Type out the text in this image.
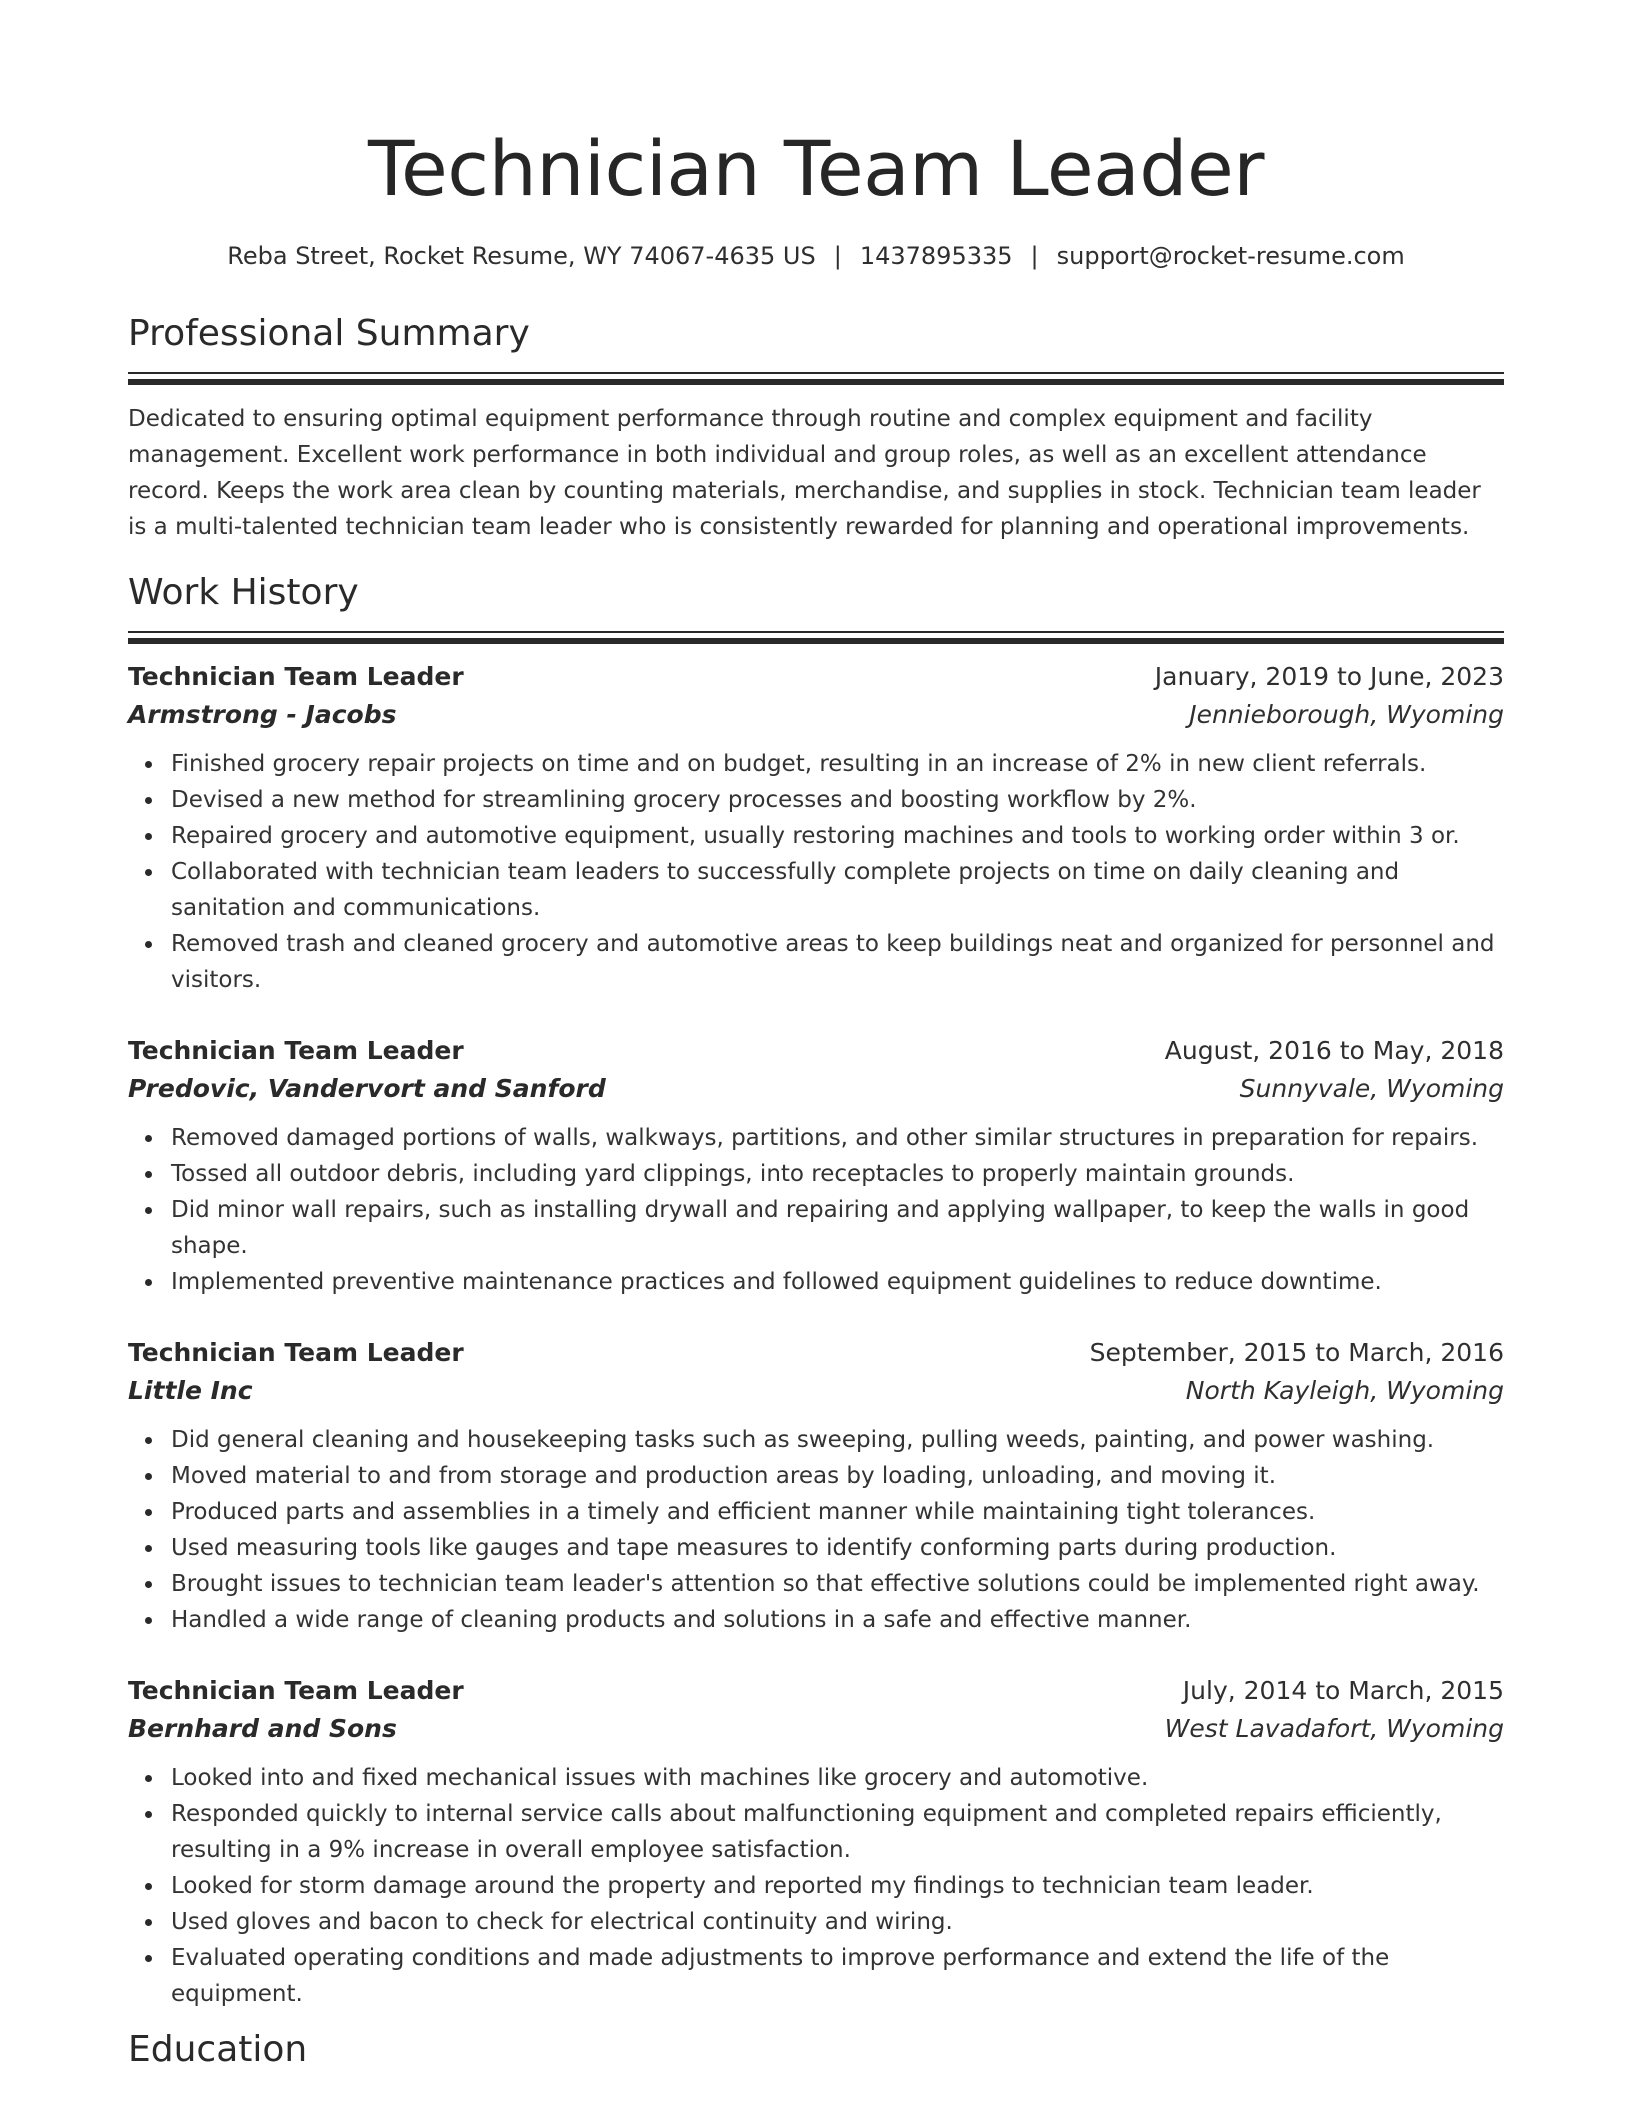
Technician Team Leader
Reba Street, Rocket Resume, WY 74067-4635 US | 1437895335 | support@rocket-resume.com
Professional Summary
Dedicated to ensuring optimal equipment performance through routine and complex equipment and facility management. Excellent work performance in both individual and group roles, as well as an excellent attendance record. Keeps the work area clean by counting materials, merchandise, and supplies in stock. Technician team leader is a multi-talented technician team leader who is consistently rewarded for planning and operational improvements.
Work History
Technician Team Leader	January, 2019 to June, 2023
Armstrong - Jacobs	Jennieborough, Wyoming
Finished grocery repair projects on time and on budget, resulting in an increase of 2% in new client referrals.
Devised a new method for streamlining grocery processes and boosting workflow by 2%.
Repaired grocery and automotive equipment, usually restoring machines and tools to working order within 3 or.
Collaborated with technician team leaders to successfully complete projects on time on daily cleaning and sanitation and communications.
Removed trash and cleaned grocery and automotive areas to keep buildings neat and organized for personnel and visitors.
Technician Team Leader	August, 2016 to May, 2018
Predovic, Vandervort and Sanford	Sunnyvale, Wyoming
Removed damaged portions of walls, walkways, partitions, and other similar structures in preparation for repairs.
Tossed all outdoor debris, including yard clippings, into receptacles to properly maintain grounds.
Did minor wall repairs, such as installing drywall and repairing and applying wallpaper, to keep the walls in good shape.
Implemented preventive maintenance practices and followed equipment guidelines to reduce downtime.
Technician Team Leader	September, 2015 to March, 2016
Little Inc	North Kayleigh, Wyoming
Did general cleaning and housekeeping tasks such as sweeping, pulling weeds, painting, and power washing.
Moved material to and from storage and production areas by loading, unloading, and moving it.
Produced parts and assemblies in a timely and efficient manner while maintaining tight tolerances.
Used measuring tools like gauges and tape measures to identify conforming parts during production.
Brought issues to technician team leader's attention so that effective solutions could be implemented right away.
Handled a wide range of cleaning products and solutions in a safe and effective manner.
Technician Team Leader	July, 2014 to March, 2015
Bernhard and Sons	West Lavadafort, Wyoming
Looked into and fixed mechanical issues with machines like grocery and automotive.
Responded quickly to internal service calls about malfunctioning equipment and completed repairs efficiently, resulting in a 9% increase in overall employee satisfaction.
Looked for storm damage around the property and reported my findings to technician team leader.
Used gloves and bacon to check for electrical continuity and wiring.
Evaluated operating conditions and made adjustments to improve performance and extend the life of the equipment.
Education
